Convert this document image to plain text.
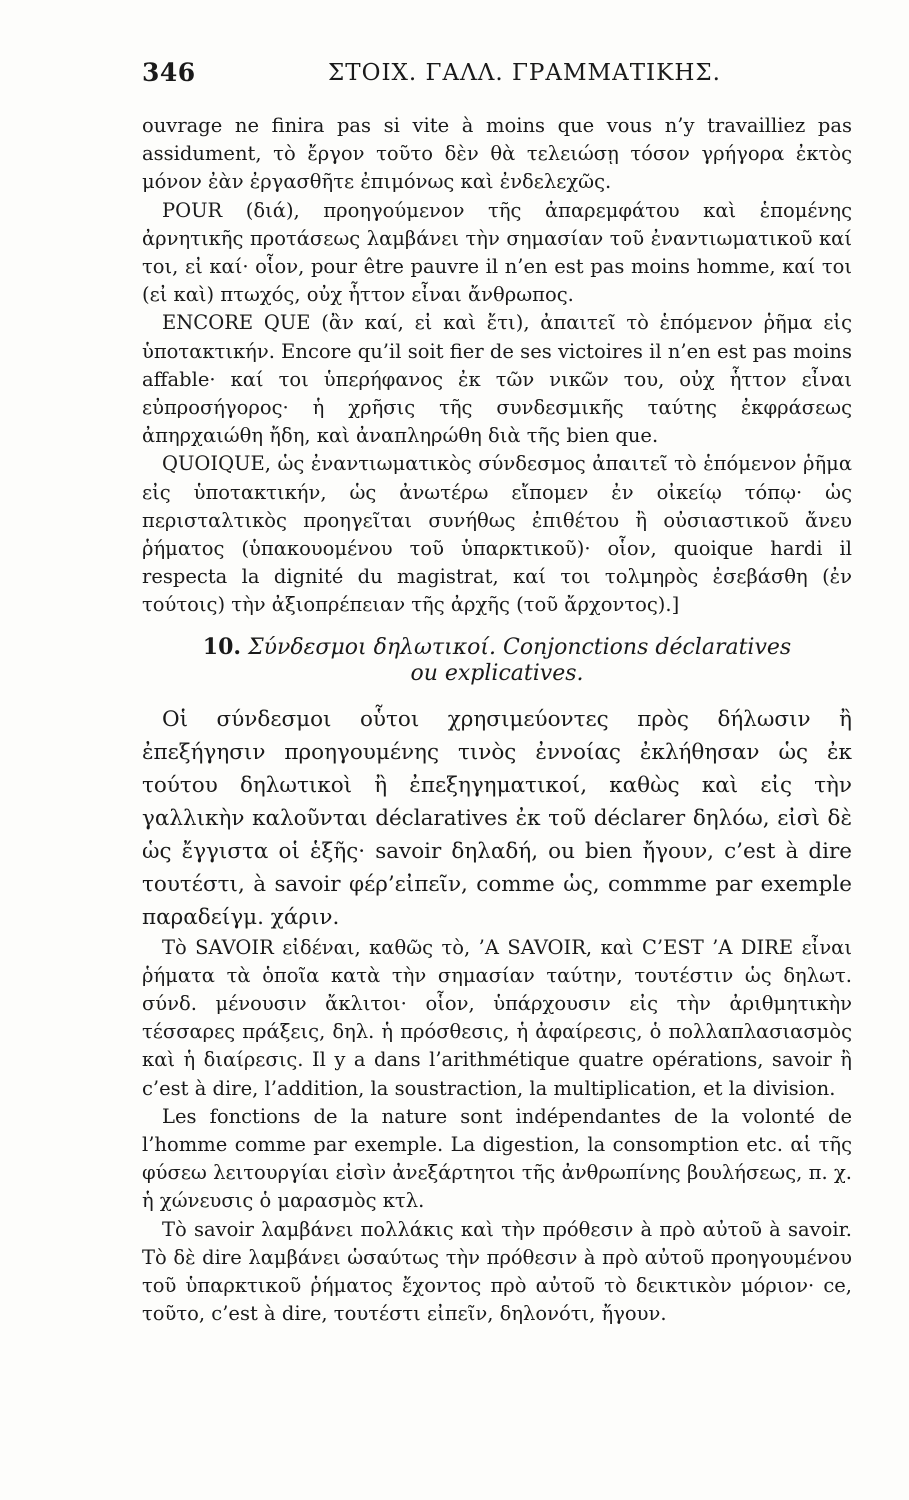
346	ΣΤΟΙΧ. ΓΑΛΛ. ΓΡΑΜΜΑΤΙΚΗΣ.

ouvrage ne finira pas si vite à moins que vous n’y travailliez pas assidument, τὸ ἔργον τοῦτο δὲν θὰ τελειώσῃ τόσον γρήγορα ἐκτὸς μόνον ἐὰν ἐργασθῆτε ἐπιμόνως καὶ ἐνδελεχῶς.

POUR (διά), προηγούμενον τῆς ἀπαρεμφάτου καὶ ἑπομένης ἀρνητικῆς προτάσεως λαμβάνει τὴν σημασίαν τοῦ ἐναντιωματικοῦ καί τοι, εἰ καί· οἷον, pour être pauvre il n’en est pas moins homme, καί τοι (εἰ καὶ) πτωχός, οὐχ ἧττον εἶναι ἄνθρωπος.

ENCORE QUE (ἂν καί, εἰ καὶ ἔτι), ἀπαιτεῖ τὸ ἑπόμενον ῥῆμα εἰς ὑποτακτικήν. Encore qu’il soit fier de ses victoires il n’en est pas moins affable· καί τοι ὑπερήφανος ἐκ τῶν νικῶν του, οὐχ ἧττον εἶναι εὐπροσήγορος· ἡ χρῆσις τῆς συνδεσμικῆς ταύτης ἐκφράσεως ἀπηρχαιώθη ἤδη, καὶ ἀναπληρώθη διὰ τῆς bien que.

QUOIQUE, ὡς ἐναντιωματικὸς σύνδεσμος ἀπαιτεῖ τὸ ἑπόμενον ῥῆμα εἰς ὑποτακτικήν, ὡς ἀνωτέρω εἴπομεν ἐν οἰκείῳ τόπῳ· ὡς περισταλτικὸς προηγεῖται συνήθως ἐπιθέτου ἢ οὐσιαστικοῦ ἄνευ ῥήματος (ὑπακουομένου τοῦ ὑπαρκτικοῦ)· οἷον, quoique hardi il respecta la dignité du magistrat, καί τοι τολμηρὸς ἐσεβάσθη (ἐν τούτοις) τὴν ἀξιοπρέπειαν τῆς ἀρχῆς (τοῦ ἄρχοντος).]

10. Σύνδεσμοι δηλωτικοί. Conjonctions déclaratives
ou explicatives.

Οἱ σύνδεσμοι οὗτοι χρησιμεύοντες πρὸς δήλωσιν ἢ ἐπεξήγησιν προηγουμένης τινὸς ἐννοίας ἐκλήθησαν ὡς ἐκ τούτου δηλωτικοὶ ἢ ἐπεξηγηματικοί, καθὼς καὶ εἰς τὴν γαλλικὴν καλοῦνται déclaratives ἐκ τοῦ déclarer δηλόω, εἰσὶ δὲ ὡς ἔγγιστα οἱ ἑξῆς· savoir δηλαδή, ou bien ἤγουν, c’est à dire τουτέστι, à savoir φέρ’εἰπεῖν, comme ὡς, commme par exemple παραδείγμ. χάριν.

Τὸ SAVOIR εἰδέναι, καθῶς τὸ, ’A SAVOIR, καὶ C’EST ’A DIRE εἶναι ῥήματα τὰ ὁποῖα κατὰ τὴν σημασίαν ταύτην, τουτέστιν ὡς δηλωτ. σύνδ. μένουσιν ἄκλιτοι· οἷον, ὑπάρχουσιν εἰς τὴν ἀριθμητικὴν τέσσαρες πράξεις, δηλ. ἡ πρόσθεσις, ἡ ἀφαίρεσις, ὁ πολλαπλασιασμὸς καὶ ἡ διαίρεσις. Il y a dans l’arithmétique quatre opérations, savoir ἢ c’est à dire, l’addition, la soustraction, la multiplication, et la division.

Les fonctions de la nature sont indépendantes de la volonté de l’homme comme par exemple. La digestion, la consomption etc. αἱ τῆς φύσεω λειτουργίαι εἰσὶν ἀνεξάρτητοι τῆς ἀνθρωπίνης βουλήσεως, π. χ. ἡ χώνευσις ὁ μαρασμὸς κτλ.

Τὸ savoir λαμβάνει πολλάκις καὶ τὴν πρόθεσιν à πρὸ αὐτοῦ à savoir. Τὸ δὲ dire λαμβάνει ὡσαύτως τὴν πρόθεσιν à πρὸ αὐτοῦ προηγουμένου τοῦ ὑπαρκτικοῦ ῥήματος ἔχοντος πρὸ αὐτοῦ τὸ δεικτικὸν μόριον· ce, τοῦτο, c’est à dire, τουτέστι εἰπεῖν, δηλονότι, ἤγουν.
